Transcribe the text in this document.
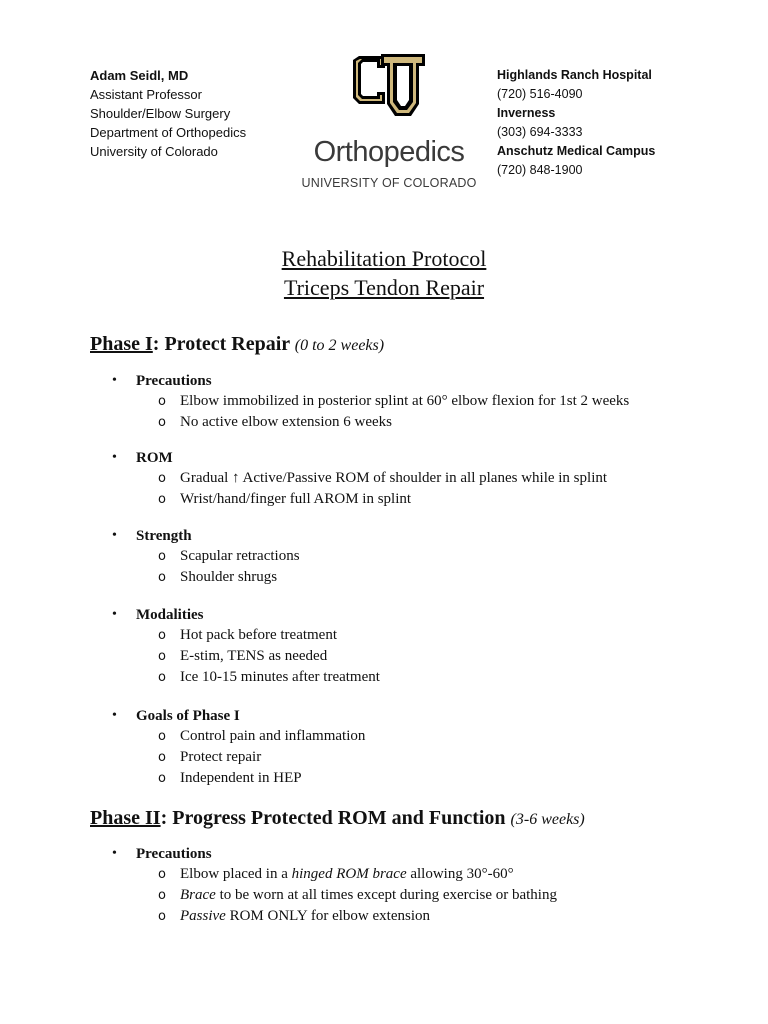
Adam Seidl, MD
Assistant Professor
Shoulder/Elbow Surgery
Department of Orthopedics
University of Colorado	Orthopedics
UNIVERSITY OF COLORADO
Highlands Ranch Hospital
(720) 516-4090
Inverness
(303) 694-3333
Anschutz Medical Campus
(720) 848-1900
Rehabilitation Protocol
Triceps Tendon Repair
Phase I: Protect Repair (0 to 2 weeks)
•	Precautions
o Elbow immobilized in posterior splint at 60° elbow flexion for 1st 2 weeks
o No active elbow extension 6 weeks
•	ROM
o Gradual ↑ Active/Passive ROM of shoulder in all planes while in splint
o Wrist/hand/finger full AROM in splint
•	Strength
o Scapular retractions
o Shoulder shrugs
•	Modalities
o Hot pack before treatment
o E-stim, TENS as needed
o Ice 10-15 minutes after treatment
•	Goals of Phase I
o Control pain and inflammation
o Protect repair
o Independent in HEP
Phase II: Progress Protected ROM and Function (3-6 weeks)
•	Precautions
o Elbow placed in a hinged ROM brace allowing 30°-60°
o Brace to be worn at all times except during exercise or bathing
o Passive ROM ONLY for elbow extension
